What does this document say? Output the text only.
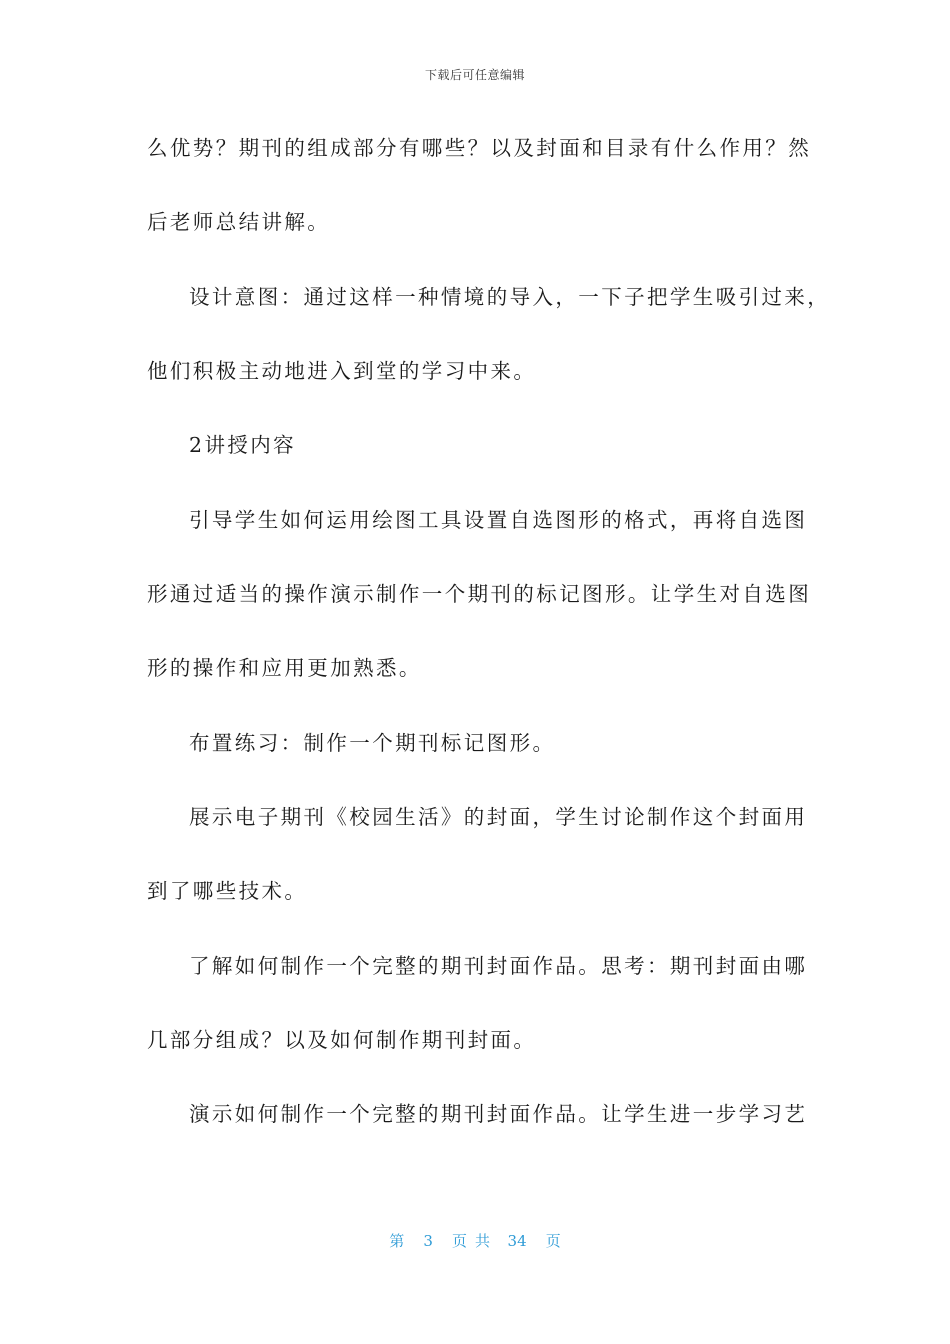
下载后可任意编辑
么优势？期刊的组成部分有哪些？以及封面和目录有什么作用？然
后老师总结讲解。
设计意图：通过这样一种情境的导入，一下子把学生吸引过来，
他们积极主动地进入到堂的学习中来。
2讲授内容
引导学生如何运用绘图工具设置自选图形的格式，再将自选图
形通过适当的操作演示制作一个期刊的标记图形。让学生对自选图
形的操作和应用更加熟悉。
布置练习：制作一个期刊标记图形。
展示电子期刊《校园生活》的封面，学生讨论制作这个封面用
到了哪些技术。
了解如何制作一个完整的期刊封面作品。思考：期刊封面由哪
几部分组成？以及如何制作期刊封面。
演示如何制作一个完整的期刊封面作品。让学生进一步学习艺
第 3 页共 34 页
